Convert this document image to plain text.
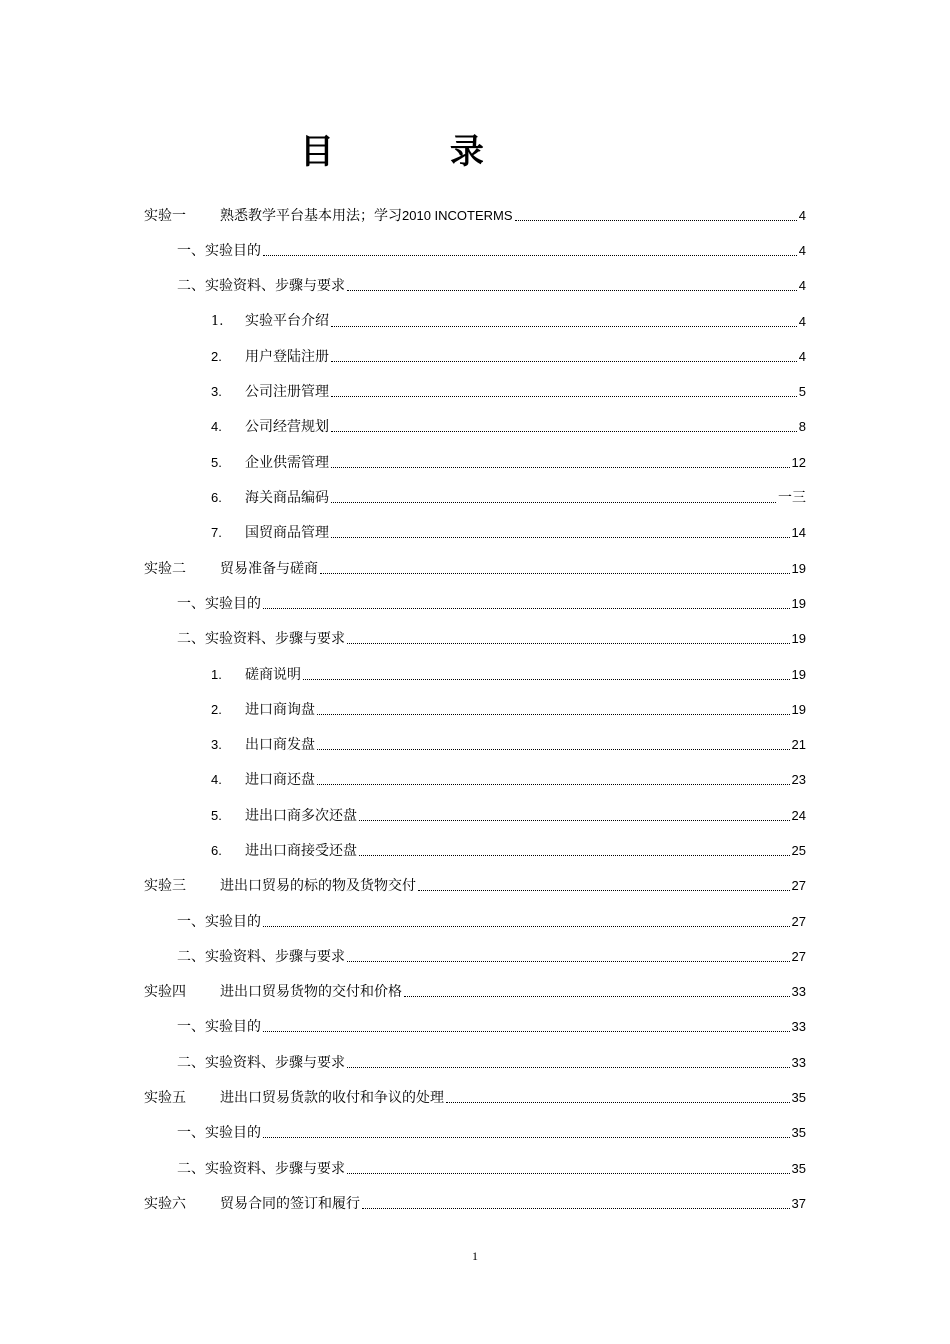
目 录
实验一	熟悉教学平台基本用法；学习 2010 INCOTERMS	4
一、实验目的	4
二、实验资料、步骤与要求	4
1.	实验平台介绍	4
2.	用户登陆注册	4
3.	公司注册管理	5
4.	公司经营规划	8
5.	企业供需管理	12
6.	海关商品编码	一三
7.	国贸商品管理	14
实验二	贸易准备与磋商	19
一、实验目的	19
二、实验资料、步骤与要求	19
1.	磋商说明	19
2.	进口商询盘	19
3.	出口商发盘	21
4.	进口商还盘	23
5.	进出口商多次还盘	24
6.	进出口商接受还盘	25
实验三	进出口贸易的标的物及货物交付	27
一、实验目的	27
二、实验资料、步骤与要求	27
实验四	进出口贸易货物的交付和价格	33
一、实验目的	33
二、实验资料、步骤与要求	33
实验五	进出口贸易货款的收付和争议的处理	35
一、实验目的	35
二、实验资料、步骤与要求	35
实验六	贸易合同的签订和履行	37
1
